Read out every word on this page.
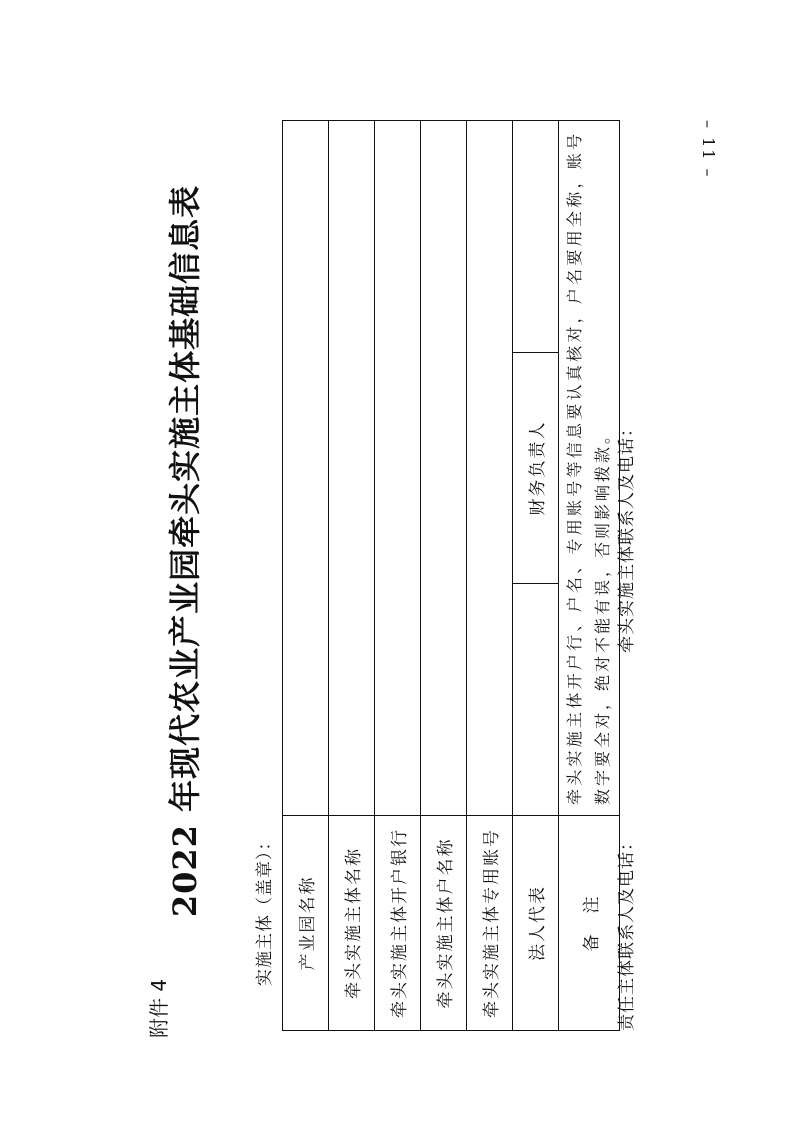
– 11 –
附件 4
2022 年现代农业产业园牵头实施主体基础信息表	实施主体（盖章）： 产业园名称			
牵头实施主体名称			
牵头实施主体开户银行			
牵头实施主体户名称			
牵头实施主体专用账号			
法人代表		财务负责人	
备　注	牵头实施主体开户行、户名、专用账号等信息要认真核对，户名要用全称，账号数字要全对，绝对不能有误，否则影响拨款。		
责任主体联系人及电话：
牵头实施主体联系人及电话：
